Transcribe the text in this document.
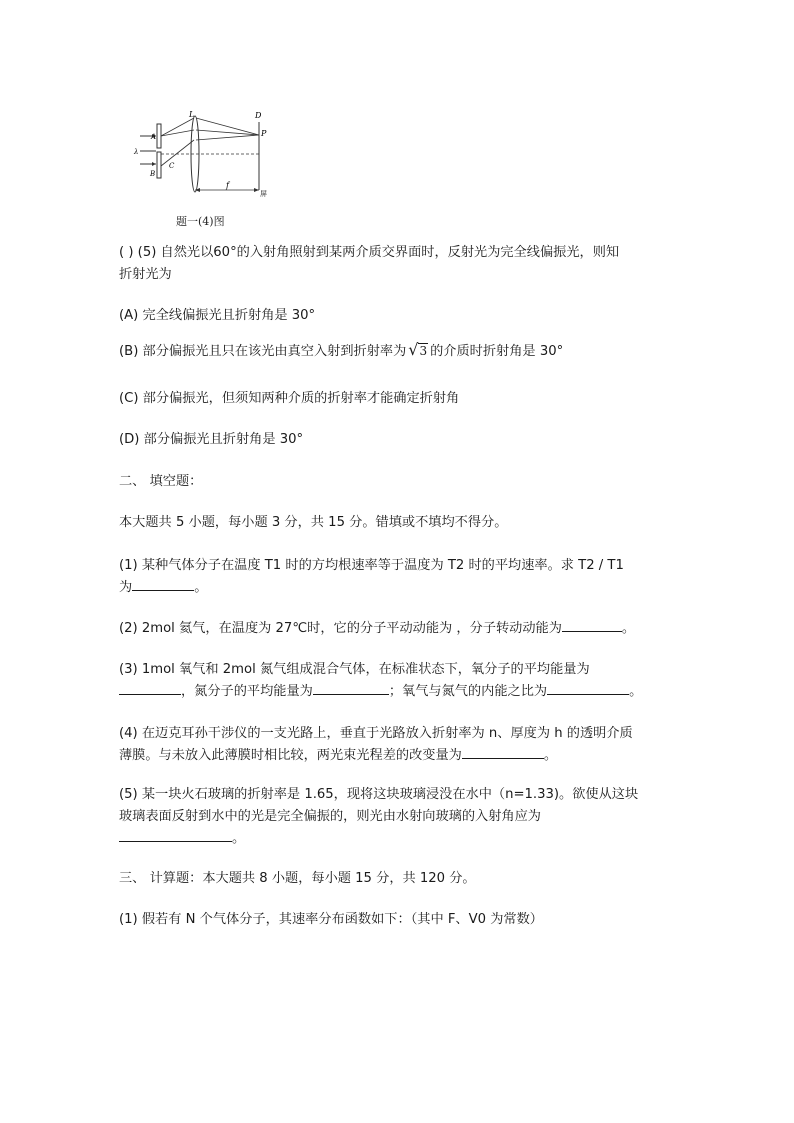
L	D
P
A
B
C
λ
f
屏
题一(4)图
( ) (5) 自然光以60°的入射角照射到某两介质交界面时，反射光为完全线偏振光，则知
折射光为
(A) 完全线偏振光且折射角是 30°
(B) 部分偏振光且只在该光由真空入射到折射率为 √3 的介质时折射角是 30°
(C) 部分偏振光，但须知两种介质的折射率才能确定折射角
(D) 部分偏振光且折射角是 30°
二、 填空题：
本大题共 5 小题，每小题 3 分，共 15 分。错填或不填均不得分。
(1) 某种气体分子在温度 T1 时的方均根速率等于温度为 T2 时的平均速率。求 T2 / T1
为	。
(2) 2mol 氦气，在温度为 27℃时，它的分子平动动能为 ，分子转动动能为	。
(3) 1mol 氧气和 2mol 氮气组成混合气体，在标准状态下，氧分子的平均能量为
，氮分子的平均能量为	；氧气与氮气的内能之比为	。
(4) 在迈克耳孙干涉仪的一支光路上，垂直于光路放入折射率为 n、厚度为 h 的透明介质
薄膜。与未放入此薄膜时相比较，两光束光程差的改变量为	。
(5) 某一块火石玻璃的折射率是 1.65，现将这块玻璃浸没在水中（n=1.33)。欲使从这块
玻璃表面反射到水中的光是完全偏振的，则光由水射向玻璃的入射角应为
。
三、 计算题：本大题共 8 小题，每小题 15 分，共 120 分。
(1) 假若有 N 个气体分子，其速率分布函数如下：（其中 F、V0 为常数）
